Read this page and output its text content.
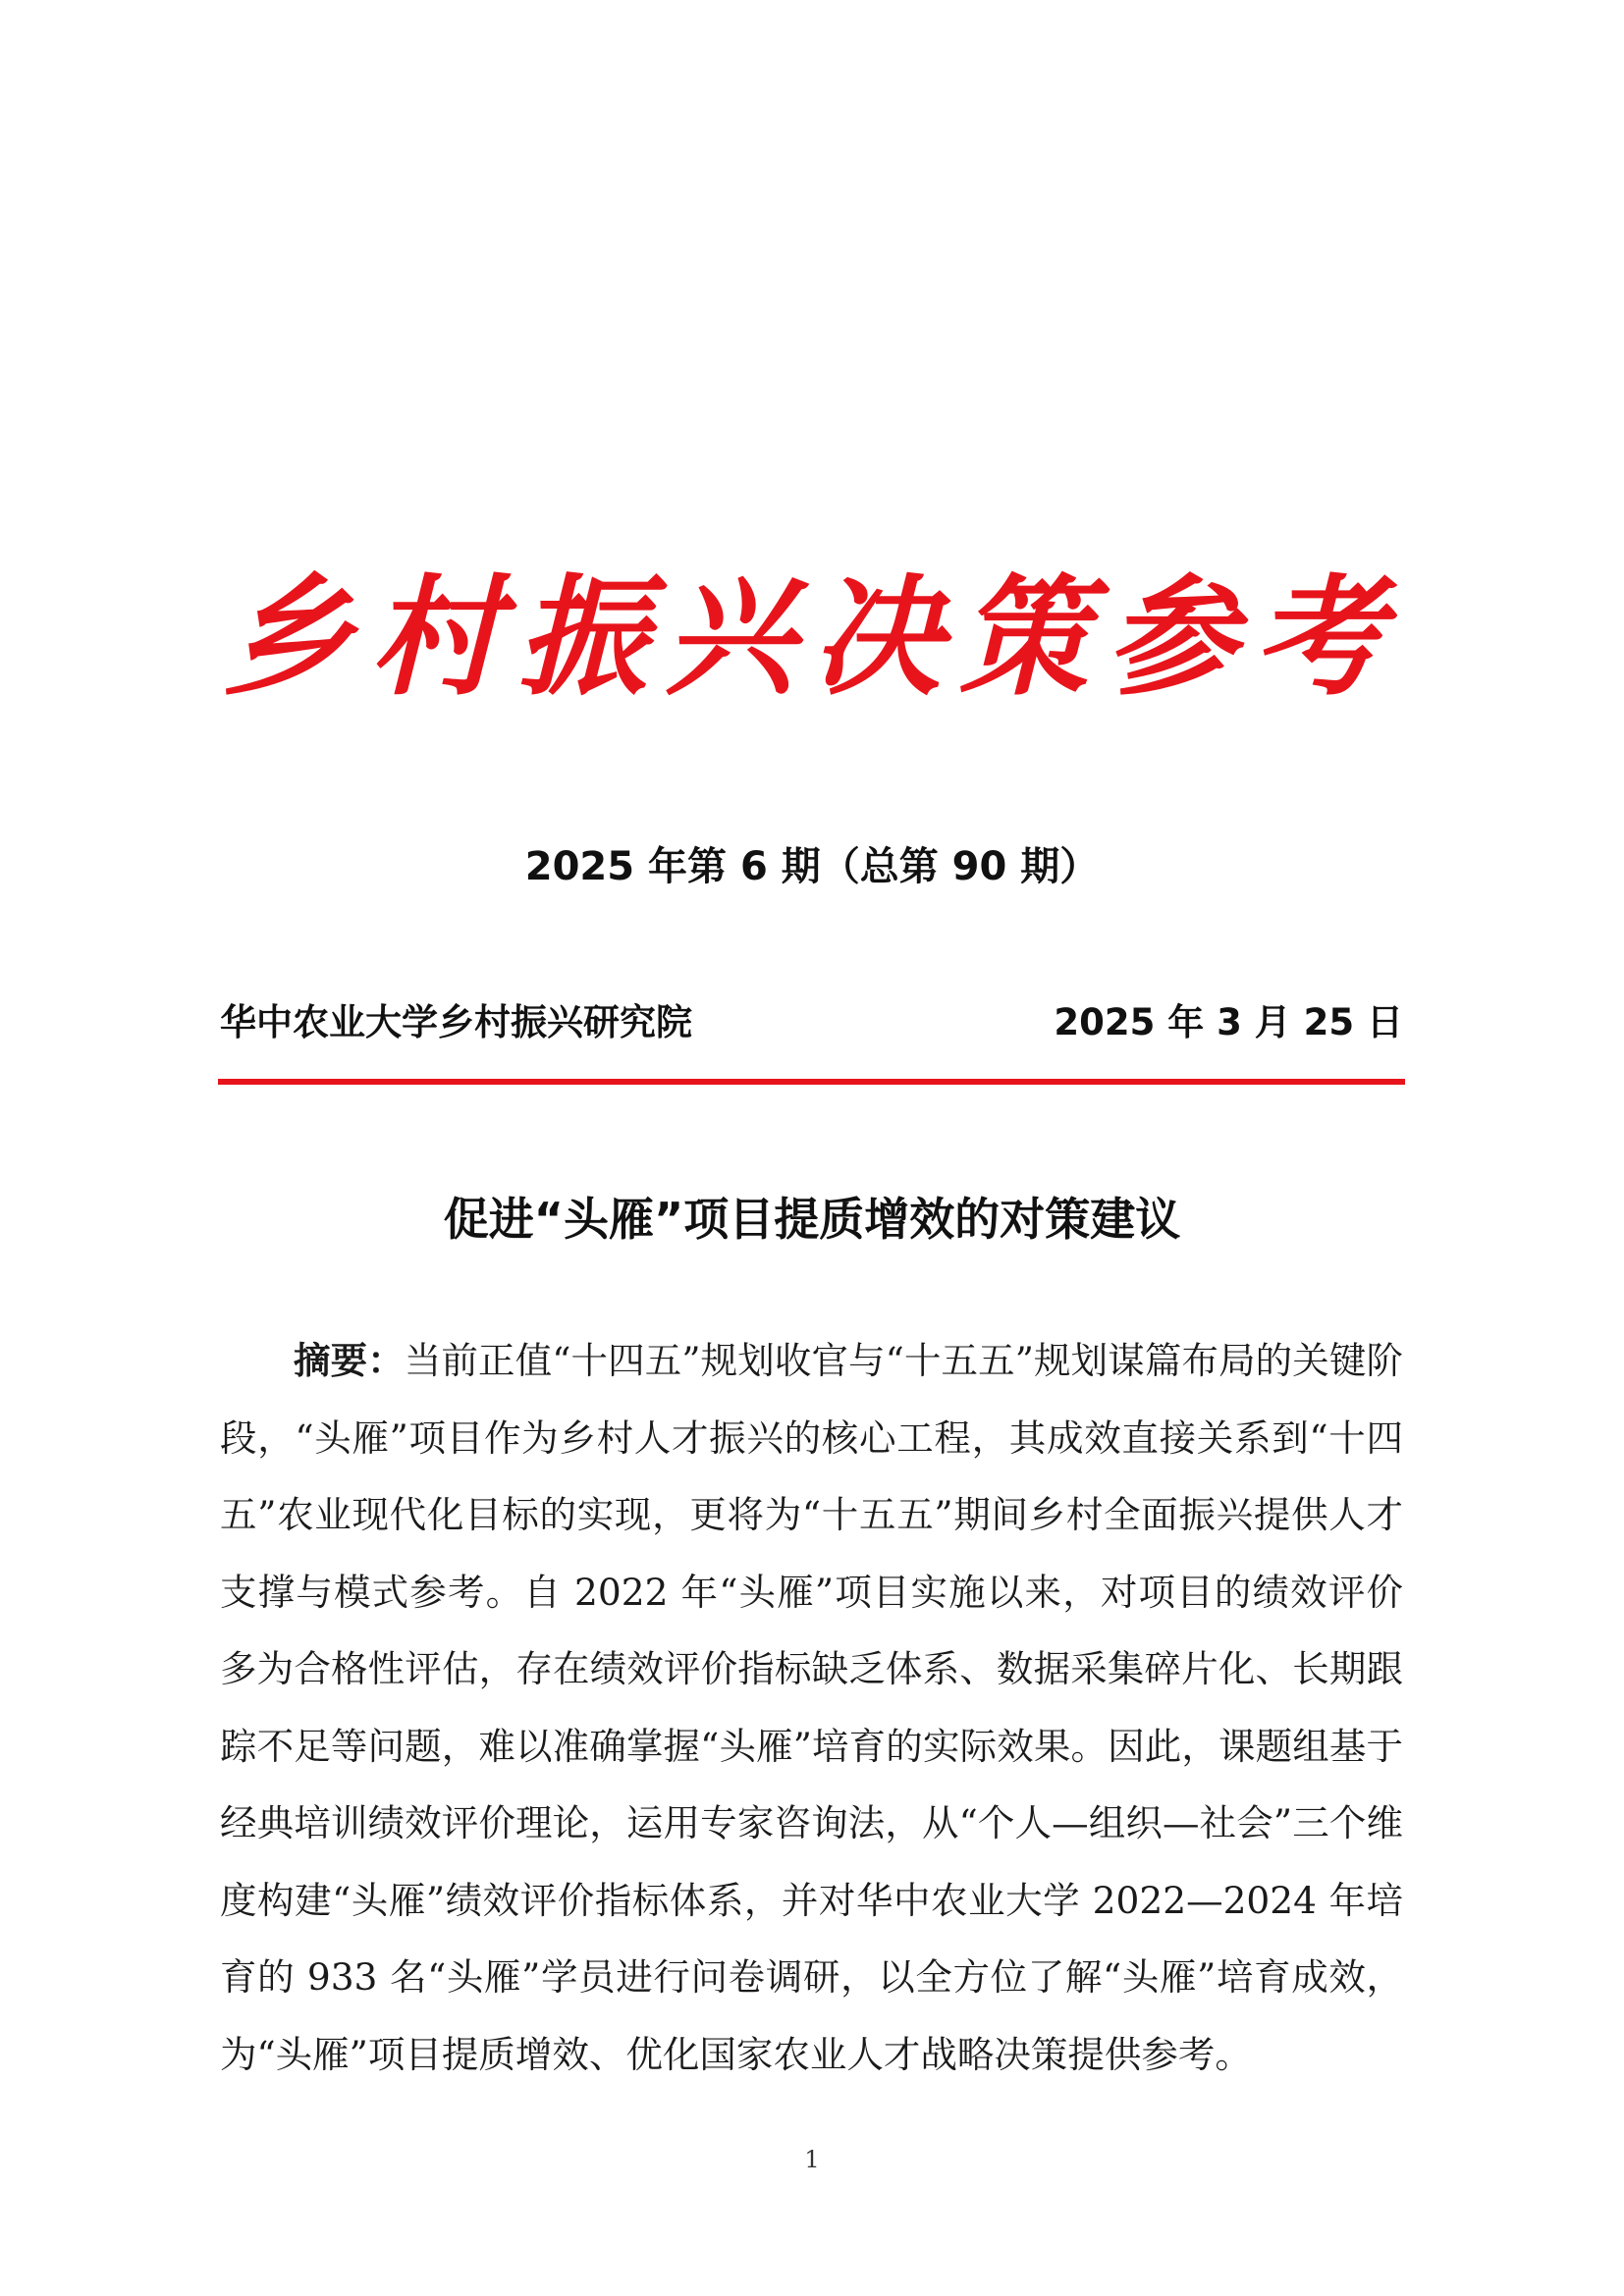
乡村振兴决策参考
2025 年第 6 期（总第 90 期）
华中农业大学乡村振兴研究院	2025 年 3 月 25 日
促进“头雁”项目提质增效的对策建议

摘要：当前正值“十四五”规划收官与“十五五”规划谋篇布局的关键阶段，“头雁”项目作为乡村人才振兴的核心工程，其成效直接关系到“十四五”农业现代化目标的实现，更将为“十五五”期间乡村全面振兴提供人才支撑与模式参考。自 2022 年“头雁”项目实施以来，对项目的绩效评价多为合格性评估，存在绩效评价指标缺乏体系、数据采集碎片化、长期跟踪不足等问题，难以准确掌握“头雁”培育的实际效果。因此，课题组基于经典培训绩效评价理论，运用专家咨询法，从“个人—组织—社会”三个维度构建“头雁”绩效评价指标体系，并对华中农业大学 2022—2024 年培育的 933 名“头雁”学员进行问卷调研，以全方位了解“头雁”培育成效，为“头雁”项目提质增效、优化国家农业人才战略决策提供参考。

1
